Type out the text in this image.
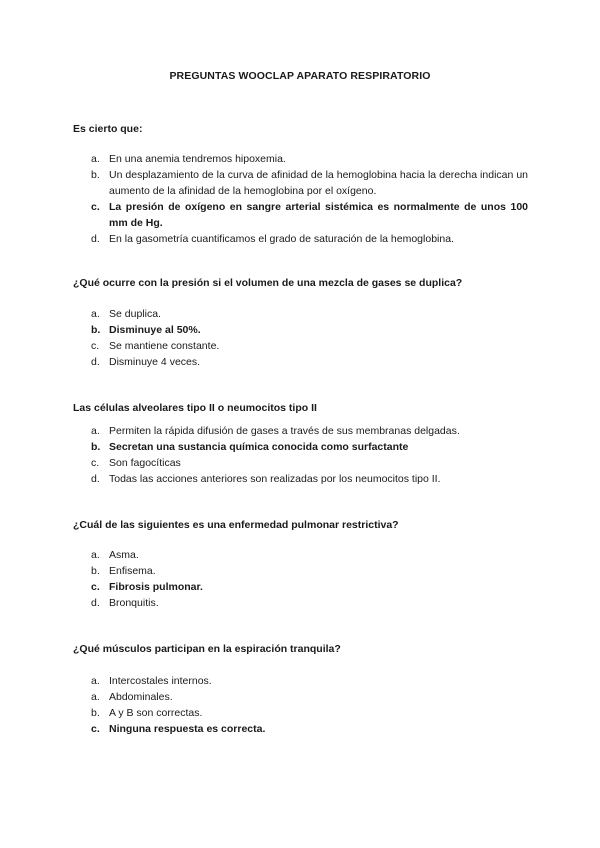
PREGUNTAS WOOCLAP APARATO RESPIRATORIO
Es cierto que:
a. En una anemia tendremos hipoxemia.
b. Un desplazamiento de la curva de afinidad de la hemoglobina hacia la derecha indican un aumento de la afinidad de la hemoglobina por el oxígeno.
c. La presión de oxígeno en sangre arterial sistémica es normalmente de unos 100 mm de Hg.
d. En la gasometría cuantificamos el grado de saturación de la hemoglobina.
¿Qué ocurre con la presión si el volumen de una mezcla de gases se duplica?
a. Se duplica.
b. Disminuye al 50%.
c. Se mantiene constante.
d. Disminuye 4 veces.
Las células alveolares tipo II o neumocitos tipo II
a. Permiten la rápida difusión de gases a través de sus membranas delgadas.
b. Secretan una sustancia química conocida como surfactante
c. Son fagocíticas
d. Todas las acciones anteriores son realizadas por los neumocitos tipo II.
¿Cuál de las siguientes es una enfermedad pulmonar restrictiva?
a. Asma.
b. Enfisema.
c. Fibrosis pulmonar.
d. Bronquitis.
¿Qué músculos participan en la espiración tranquila?
a. Intercostales internos.
a. Abdominales.
b. A y B son correctas.
c. Ninguna respuesta es correcta.
